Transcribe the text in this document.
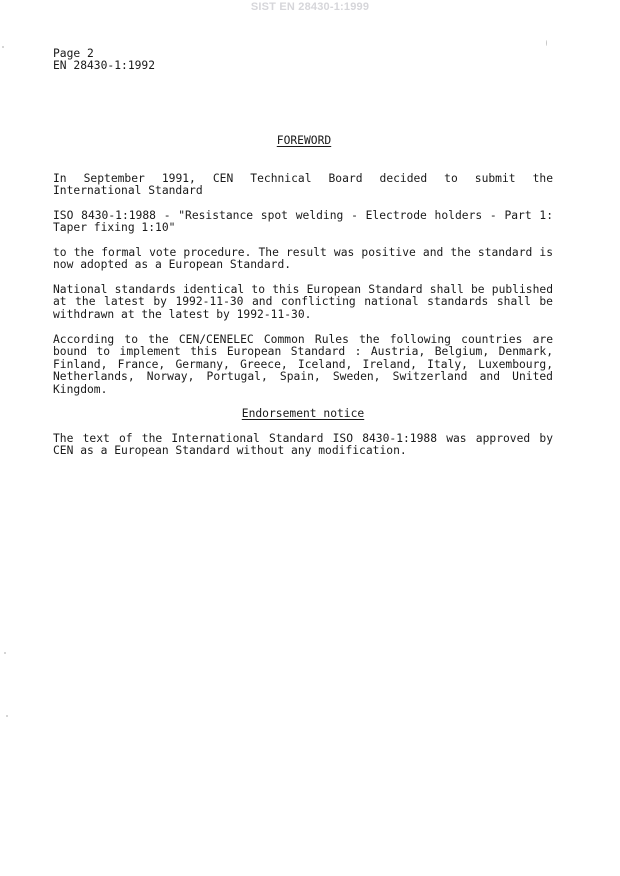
SIST EN 28430-1:1999
Page 2
EN 28430-1:1992
FOREWORD
In September 1991, CEN Technical Board decided to submit the International Standard
ISO 8430-1:1988 - "Resistance spot welding - Electrode holders - Part 1: Taper fixing 1:10"
to the formal vote procedure. The result was positive and the standard is now adopted as a European Standard.
National standards identical to this European Standard shall be published at the latest by 1992-11-30 and conflicting national standards shall be withdrawn at the latest by 1992-11-30.
According to the CEN/CENELEC Common Rules the following countries are bound to implement this European Standard : Austria, Belgium, Denmark, Finland, France, Germany, Greece, Iceland, Ireland, Italy, Luxembourg, Netherlands, Norway, Portugal, Spain, Sweden, Switzerland and United Kingdom.
Endorsement notice
The text of the International Standard ISO 8430-1:1988 was approved by CEN as a European Standard without any modification.
